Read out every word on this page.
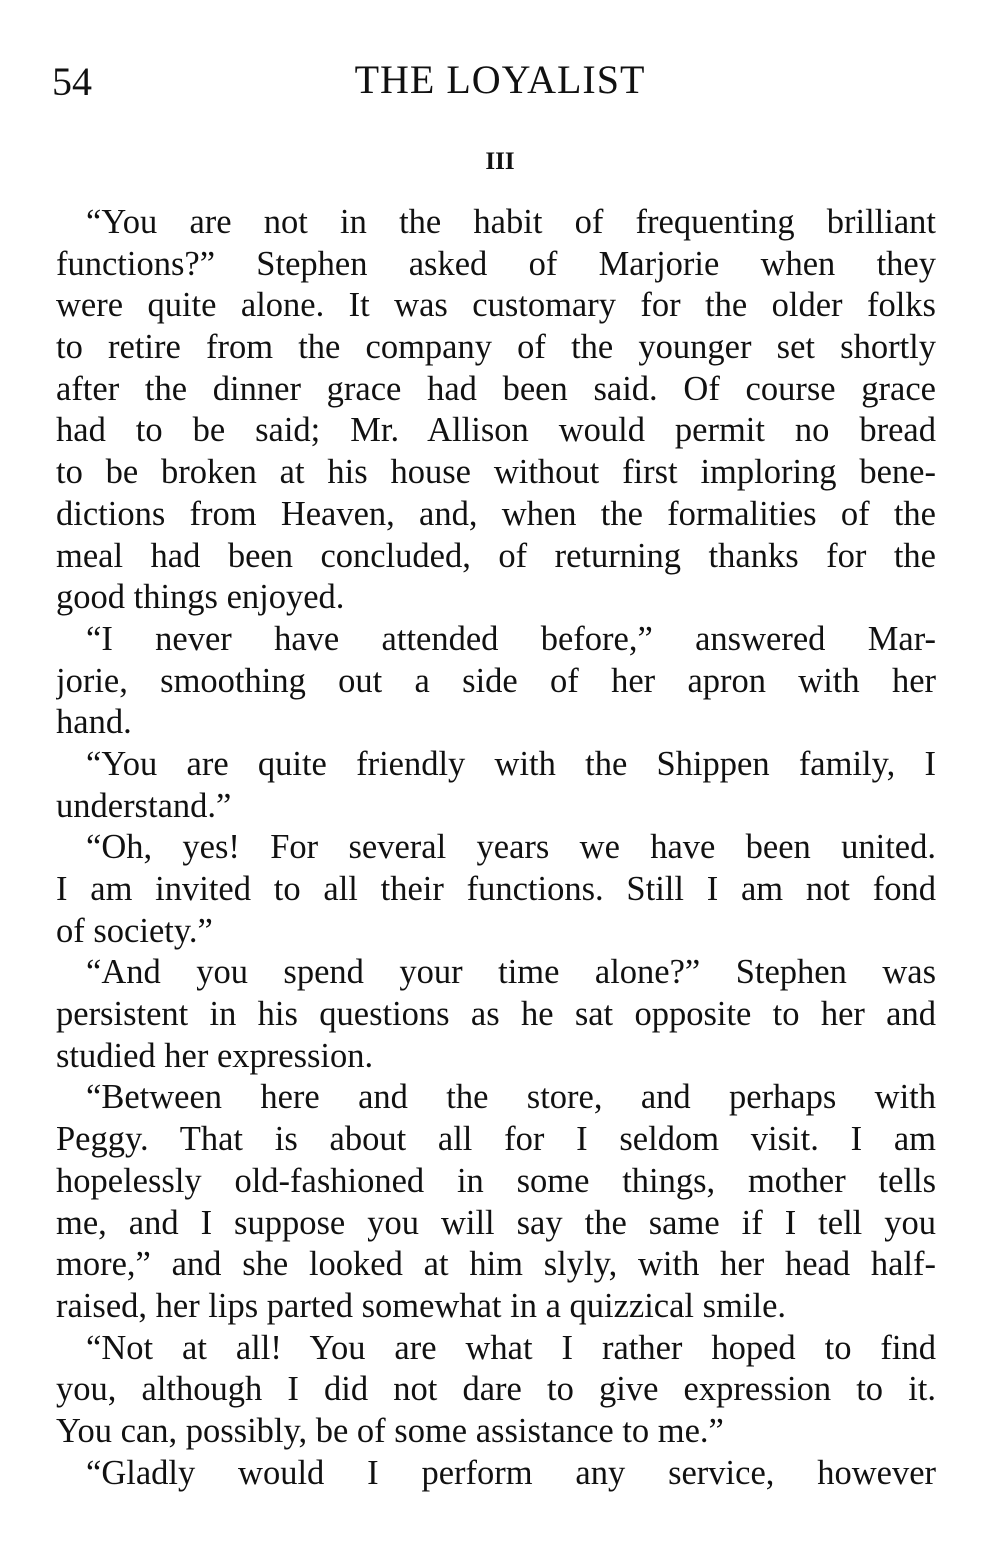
54	THE LOYALIST
III
“You are not in the habit of frequenting brilliant
functions?” Stephen asked of Marjorie when they
were quite alone. It was customary for the older folks
to retire from the company of the younger set shortly
after the dinner grace had been said. Of course grace
had to be said; Mr. Allison would permit no bread
to be broken at his house without first imploring bene-
dictions from Heaven, and, when the formalities of the
meal had been concluded, of returning thanks for the
good things enjoyed.
“I never have attended before,” answered Mar-
jorie, smoothing out a side of her apron with her
hand.
“You are quite friendly with the Shippen family, I
understand.”
“Oh, yes! For several years we have been united.
I am invited to all their functions. Still I am not fond
of society.”
“And you spend your time alone?” Stephen was
persistent in his questions as he sat opposite to her and
studied her expression.
“Between here and the store, and perhaps with
Peggy. That is about all for I seldom visit. I am
hopelessly old-fashioned in some things, mother tells
me, and I suppose you will say the same if I tell you
more,” and she looked at him slyly, with her head half-
raised, her lips parted somewhat in a quizzical smile.
“Not at all! You are what I rather hoped to find
you, although I did not dare to give expression to it.
You can, possibly, be of some assistance to me.”
“Gladly would I perform any service, however
